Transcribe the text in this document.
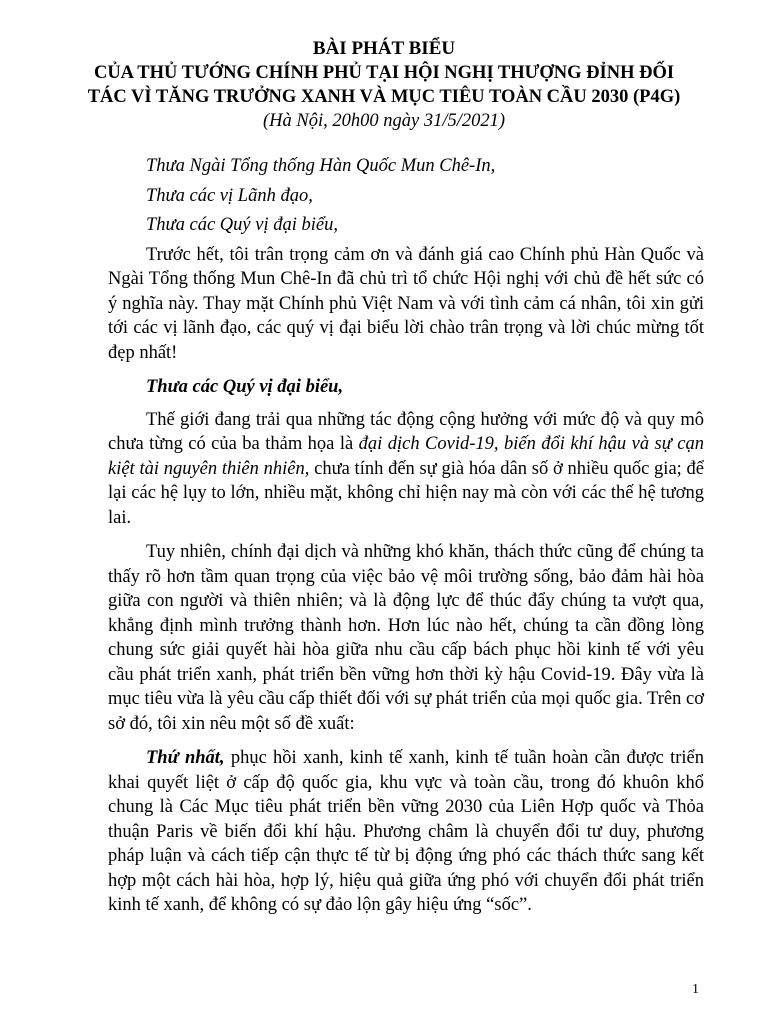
BÀI PHÁT BIỂU
CỦA THỦ TƯỚNG CHÍNH PHỦ TẠI HỘI NGHỊ THƯỢNG ĐỈNH ĐỐI
TÁC VÌ TĂNG TRƯỞNG XANH VÀ MỤC TIÊU TOÀN CẦU 2030 (P4G)
(Hà Nội, 20h00 ngày 31/5/2021)

Thưa Ngài Tổng thống Hàn Quốc Mun Chê-In,

Thưa các vị Lãnh đạo,

Thưa các Quý vị đại biểu,

Trước hết, tôi trân trọng cảm ơn và đánh giá cao Chính phủ Hàn Quốc và Ngài Tổng thống Mun Chê-In đã chủ trì tổ chức Hội nghị với chủ đề hết sức có ý nghĩa này. Thay mặt Chính phủ Việt Nam và với tình cảm cá nhân, tôi xin gửi tới các vị lãnh đạo, các quý vị đại biểu lời chào trân trọng và lời chúc mừng tốt đẹp nhất!

Thưa các Quý vị đại biểu,

Thế giới đang trải qua những tác động cộng hưởng với mức độ và quy mô chưa từng có của ba thảm họa là đại dịch Covid-19, biến đổi khí hậu và sự cạn kiệt tài nguyên thiên nhiên, chưa tính đến sự già hóa dân số ở nhiều quốc gia; để lại các hệ lụy to lớn, nhiều mặt, không chỉ hiện nay mà còn với các thế hệ tương lai.

Tuy nhiên, chính đại dịch và những khó khăn, thách thức cũng để chúng ta thấy rõ hơn tầm quan trọng của việc bảo vệ môi trường sống, bảo đảm hài hòa giữa con người và thiên nhiên; và là động lực để thúc đẩy chúng ta vượt qua, khẳng định mình trưởng thành hơn. Hơn lúc nào hết, chúng ta cần đồng lòng chung sức giải quyết hài hòa giữa nhu cầu cấp bách phục hồi kinh tế với yêu cầu phát triển xanh, phát triển bền vững hơn thời kỳ hậu Covid-19. Đây vừa là mục tiêu vừa là yêu cầu cấp thiết đối với sự phát triển của mọi quốc gia. Trên cơ sở đó, tôi xin nêu một số đề xuất:

Thứ nhất, phục hồi xanh, kinh tế xanh, kinh tế tuần hoàn cần được triển khai quyết liệt ở cấp độ quốc gia, khu vực và toàn cầu, trong đó khuôn khổ chung là Các Mục tiêu phát triển bền vững 2030 của Liên Hợp quốc và Thỏa thuận Paris về biến đổi khí hậu. Phương châm là chuyển đổi tư duy, phương pháp luận và cách tiếp cận thực tế từ bị động ứng phó các thách thức sang kết hợp một cách hài hòa, hợp lý, hiệu quả giữa ứng phó với chuyển đổi phát triển kinh tế xanh, để không có sự đảo lộn gây hiệu ứng “sốc”.

1
